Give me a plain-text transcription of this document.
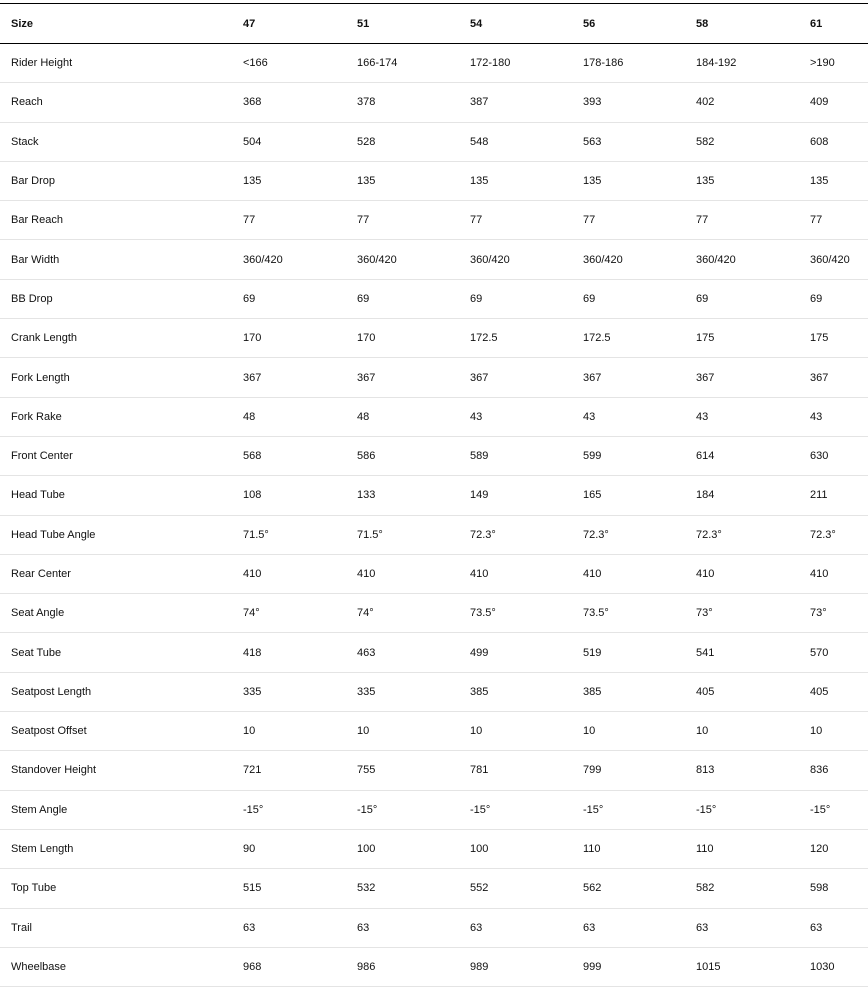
Size	47	51	54	56	58	61
Rider Height	<166	166-174	172-180	178-186	184-192	>190
Reach	368	378	387	393	402	409
Stack	504	528	548	563	582	608
Bar Drop	135	135	135	135	135	135
Bar Reach	77	77	77	77	77	77
Bar Width	360/420	360/420	360/420	360/420	360/420	360/420
BB Drop	69	69	69	69	69	69
Crank Length	170	170	172.5	172.5	175	175
Fork Length	367	367	367	367	367	367
Fork Rake	48	48	43	43	43	43
Front Center	568	586	589	599	614	630
Head Tube	108	133	149	165	184	211
Head Tube Angle	71.5°	71.5°	72.3°	72.3°	72.3°	72.3°
Rear Center	410	410	410	410	410	410
Seat Angle	74°	74°	73.5°	73.5°	73°	73°
Seat Tube	418	463	499	519	541	570
Seatpost Length	335	335	385	385	405	405
Seatpost Offset	10	10	10	10	10	10
Standover Height	721	755	781	799	813	836
Stem Angle	-15°	-15°	-15°	-15°	-15°	-15°
Stem Length	90	100	100	110	110	120
Top Tube	515	532	552	562	582	598
Trail	63	63	63	63	63	63
Wheelbase	968	986	989	999	1015	1030
